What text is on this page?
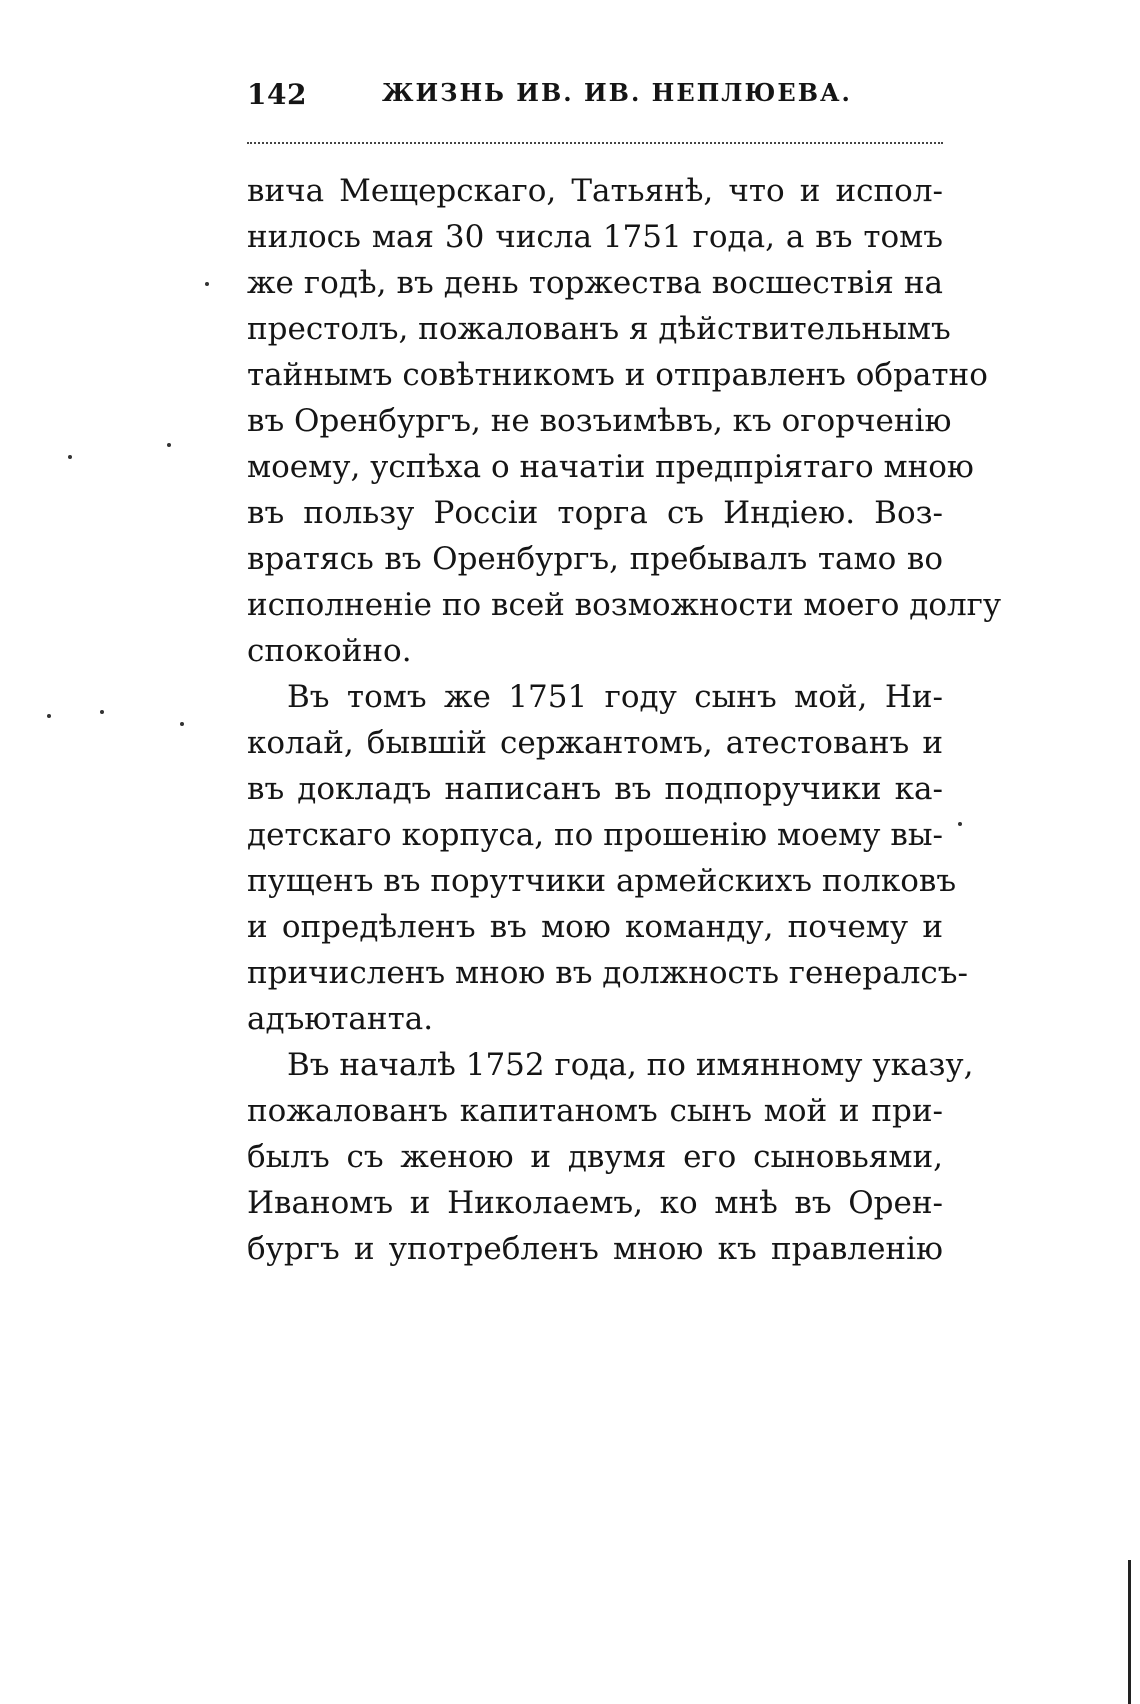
142	ЖИЗНЬ ИВ. ИВ. НЕПЛЮЕВА.
вича Мещерскаго, Татьянѣ, что и испол-
нилось мая 30 числа 1751 года, а въ томъ
же годѣ, въ день торжества восшествія на
престолъ, пожалованъ я дѣйствительнымъ
тайнымъ совѣтникомъ и отправленъ обратно
въ Оренбургъ, не возъимѣвъ, къ огорченію
моему, успѣха о начатіи предпріятаго мною
въ пользу Россіи торга съ Индіею. Воз-
вратясь въ Оренбургъ, пребывалъ тамо во
исполненіе по всей возможности моего долгу
спокойно.
Въ томъ же 1751 году сынъ мой, Ни-
колай, бывшій сержантомъ, атестованъ и
въ докладъ написанъ въ подпоручики ка-
детскаго корпуса, по прошенію моему вы-
пущенъ въ порутчики армейскихъ полковъ
и опредѣленъ въ мою команду, почему и
причисленъ мною въ должность генералсъ-
адъютанта.
Въ началѣ 1752 года, по имянному указу,
пожалованъ капитаномъ сынъ мой и при-
былъ съ женою и двумя его сыновьями,
Иваномъ и Николаемъ, ко мнѣ въ Орен-
бургъ и употребленъ мною къ правленію
